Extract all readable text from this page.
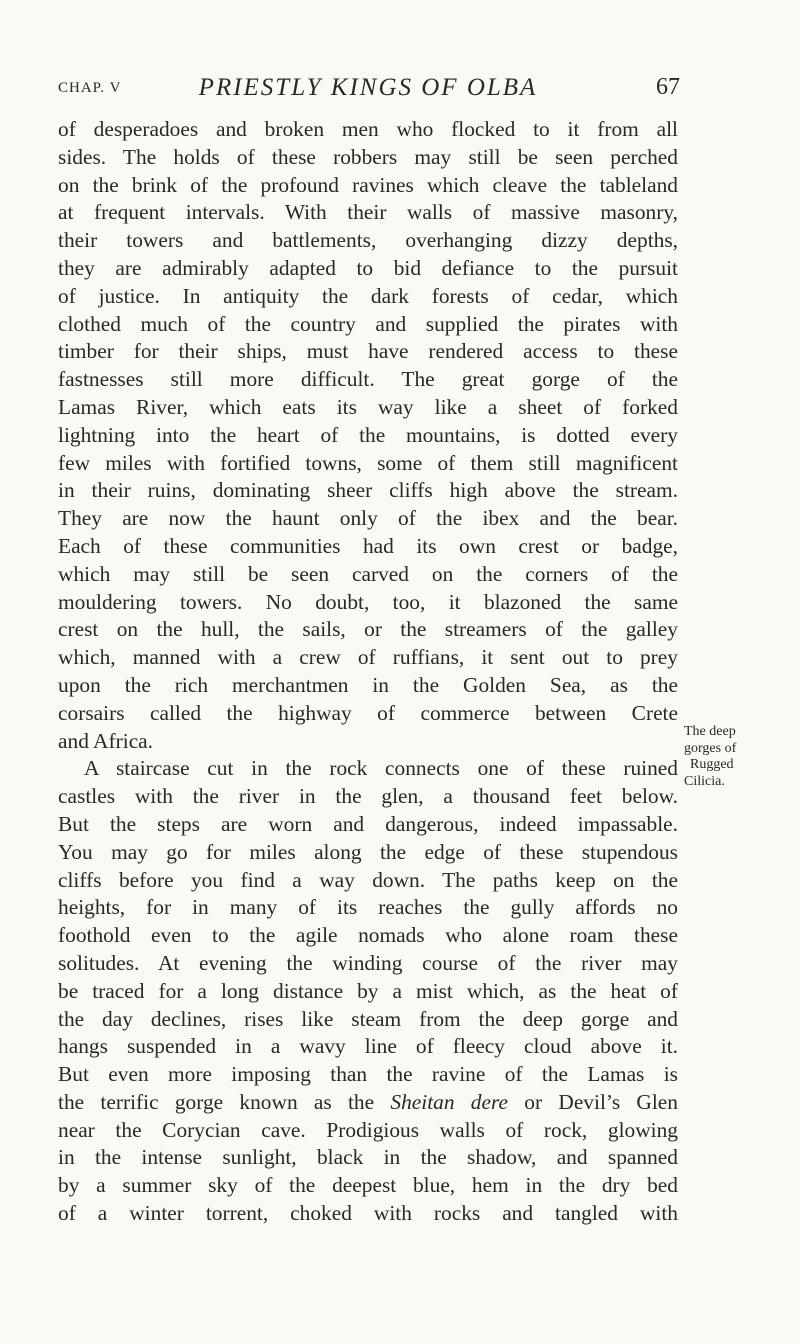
CHAP. V	PRIESTLY KINGS OF OLBA	67
of desperadoes and broken men who flocked to it from all
sides. The holds of these robbers may still be seen perched
on the brink of the profound ravines which cleave the tableland
at frequent intervals. With their walls of massive masonry,
their towers and battlements, overhanging dizzy depths,
they are admirably adapted to bid defiance to the pursuit
of justice. In antiquity the dark forests of cedar, which
clothed much of the country and supplied the pirates with
timber for their ships, must have rendered access to these
fastnesses still more difficult. The great gorge of the
Lamas River, which eats its way like a sheet of forked
lightning into the heart of the mountains, is dotted every
few miles with fortified towns, some of them still magnificent
in their ruins, dominating sheer cliffs high above the stream.
They are now the haunt only of the ibex and the bear.
Each of these communities had its own crest or badge,
which may still be seen carved on the corners of the
mouldering towers. No doubt, too, it blazoned the same
crest on the hull, the sails, or the streamers of the galley
which, manned with a crew of ruffians, it sent out to prey
upon the rich merchantmen in the Golden Sea, as the
corsairs called the highway of commerce between Crete
and Africa.
A staircase cut in the rock connects one of these ruined
castles with the river in the glen, a thousand feet below.
But the steps are worn and dangerous, indeed impassable.
You may go for miles along the edge of these stupendous
cliffs before you find a way down. The paths keep on the
heights, for in many of its reaches the gully affords no
foothold even to the agile nomads who alone roam these
solitudes. At evening the winding course of the river may
be traced for a long distance by a mist which, as the heat of
the day declines, rises like steam from the deep gorge and
hangs suspended in a wavy line of fleecy cloud above it.
But even more imposing than the ravine of the Lamas is
the terrific gorge known as the Sheitan dere or Devil’s Glen
near the Corycian cave. Prodigious walls of rock, glowing
in the intense sunlight, black in the shadow, and spanned
by a summer sky of the deepest blue, hem in the dry bed
of a winter torrent, choked with rocks and tangled with
The deep
gorges of
Rugged
Cilicia.
